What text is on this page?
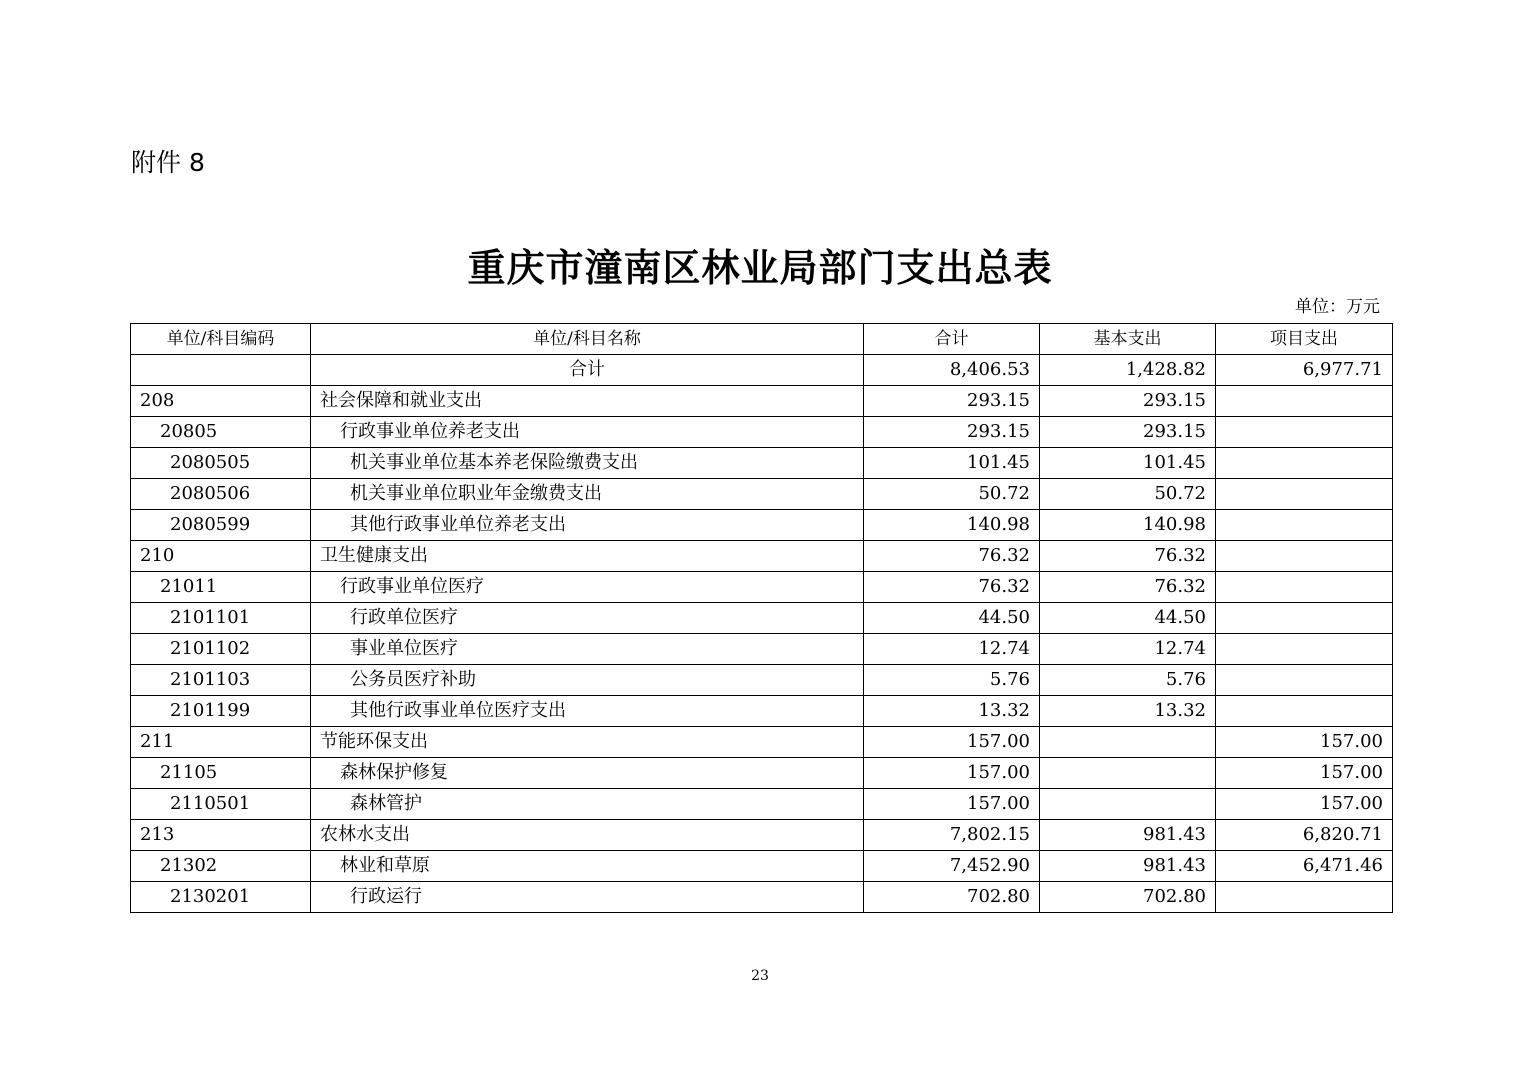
附件 8
重庆市潼南区林业局部门支出总表
单位：万元
单位/科目编码	单位/科目名称	合计	基本支出	项目支出
	合计	8,406.53	1,428.82	6,977.71
208	社会保障和就业支出	293.15	293.15	
20805	行政事业单位养老支出	293.15	293.15	
2080505	机关事业单位基本养老保险缴费支出	101.45	101.45	
2080506	机关事业单位职业年金缴费支出	50.72	50.72	
2080599	其他行政事业单位养老支出	140.98	140.98	
210	卫生健康支出	76.32	76.32	
21011	行政事业单位医疗	76.32	76.32	
2101101	行政单位医疗	44.50	44.50	
2101102	事业单位医疗	12.74	12.74	
2101103	公务员医疗补助	5.76	5.76	
2101199	其他行政事业单位医疗支出	13.32	13.32	
211	节能环保支出	157.00		157.00
21105	森林保护修复	157.00		157.00
2110501	森林管护	157.00		157.00
213	农林水支出	7,802.15	981.43	6,820.71
21302	林业和草原	7,452.90	981.43	6,471.46
2130201	行政运行	702.80	702.80	
23
